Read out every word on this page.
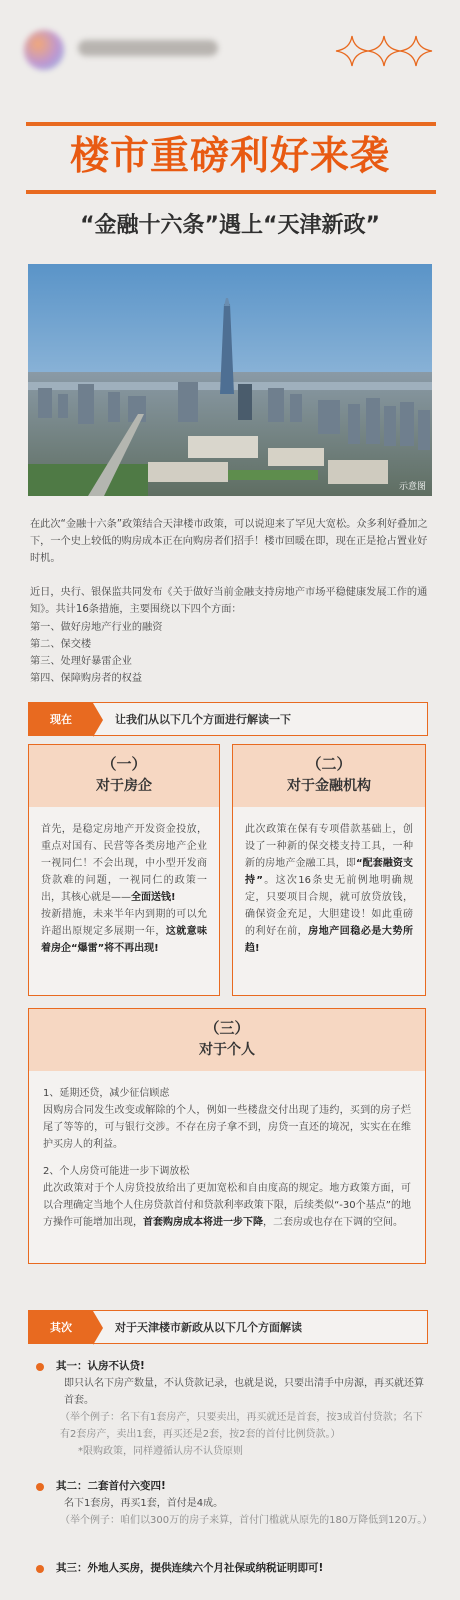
楼市重磅利好来袭
“金融十六条”遇上“天津新政”
示意图

在此次“金融十六条”政策结合天津楼市政策，可以说迎来了罕见大宽松。众多利好叠加之下，一个史上较低的购房成本正在向购房者们招手！楼市回暖在即，现在正是抢占置业好时机。

近日，央行、银保监共同发布《关于做好当前金融支持房地产市场平稳健康发展工作的通知》。共计16条措施，主要围绕以下四个方面：

第一、做好房地产行业的融资
第二、保交楼
第三、处理好暴雷企业
第四、保障购房者的权益
现在	让我们从以下几个方面进行解读一下
（一）
对于房企
首先，是稳定房地产开发资金投放，重点对国有、民营等各类房地产企业一视同仁！不会出现，中小型开发商贷款难的问题，一视同仁的政策一出，其核心就是——全面送钱!
按新措施，未来半年内到期的可以允许超出原规定多展期一年，这就意味着房企“爆雷”将不再出现!
（二）
对于金融机构
此次政策在保有专项借款基础上，创设了一种新的保交楼支持工具，一种新的房地产金融工具，即“配套融资支持”。这次16条史无前例地明确规定，只要项目合规，就可放贷放钱，确保资金充足，大胆建设！如此重磅的利好在前，房地产回稳必是大势所趋!
（三）
对于个人
1、延期还贷，减少征信顾虑
因购房合同发生改变或解除的个人，例如一些楼盘交付出现了违约，买到的房子烂尾了等等的，可与银行交涉。不存在房子拿不到，房贷一直还的境况，实实在在维护买房人的利益。
2、个人房贷可能进一步下调放松
此次政策对于个人房贷投放给出了更加宽松和自由度高的规定。地方政策方面，可以合理确定当地个人住房贷款首付和贷款利率政策下限，后续类似“-30个基点”的地方操作可能增加出现，首套购房成本将进一步下降，二套房或也存在下调的空间。
其次	对于天津楼市新政从以下几个方面解读
其一：认房不认贷!
即只认名下房产数量，不认贷款记录，也就是说，只要出清手中房源，再买就还算首套。
（举个例子：名下有1套房产，只要卖出，再买就还是首套，按3成首付贷款；名下有2套房产，卖出1套，再买还是2套，按2套的首付比例贷款。）
*限购政策，同样遵循认房不认贷原则
其二：二套首付六变四!
名下1套房，再买1套，首付是4成。
（举个例子：咱们以300万的房子来算，首付门槛就从原先的180万降低到120万。）
其三：外地人买房，提供连续六个月社保或纳税证明即可!
